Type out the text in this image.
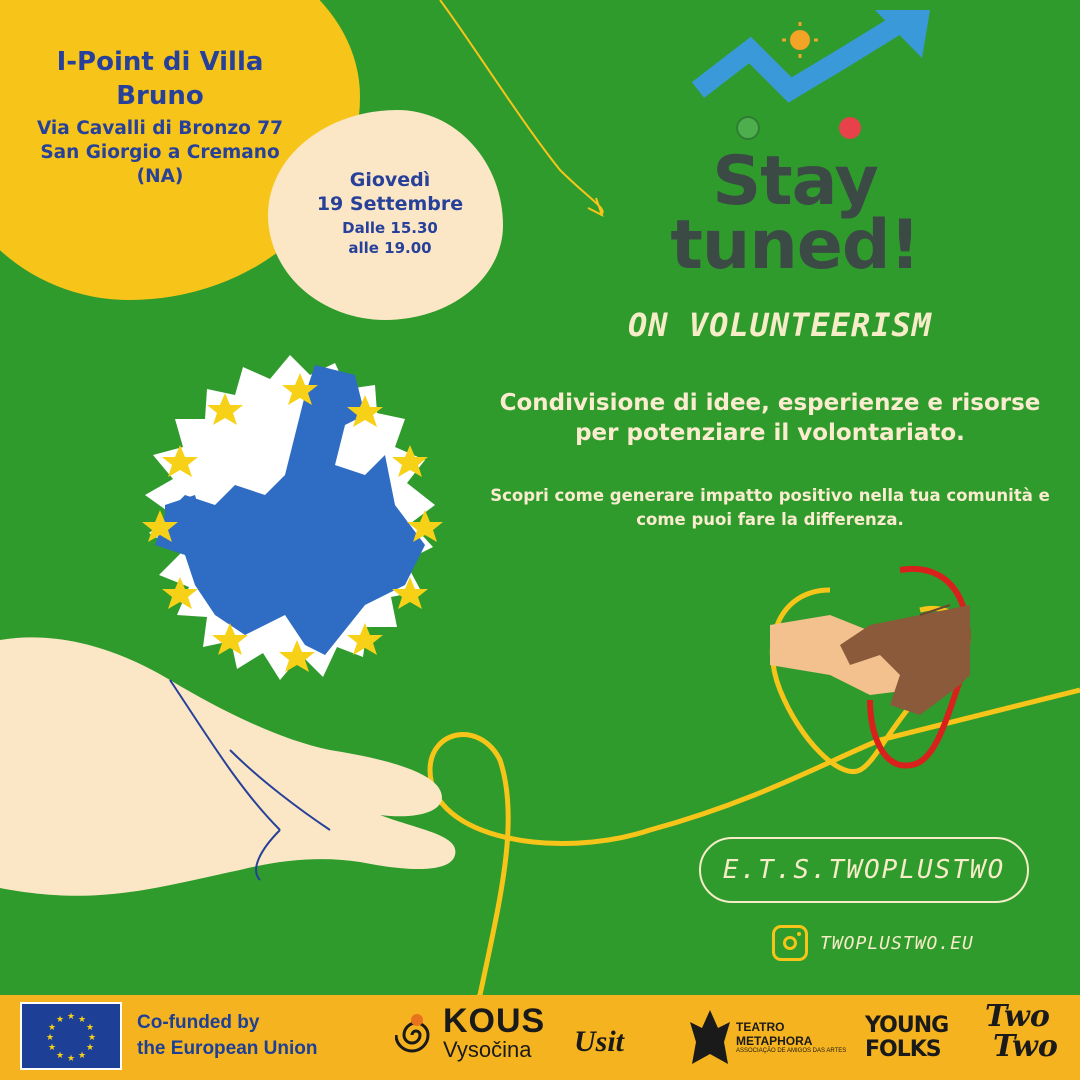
I-Point di Villa Bruno
Via Cavalli di Bronzo 77 San Giorgio a Cremano (NA)	Giovedì
19 Settembre
Dalle 15.30
alle 19.00
Stay
tuned!
ON VOLUNTEERISM
Condivisione di idee, esperienze e risorse per potenziare il volontariato.
Scopri come generare impatto positivo nella tua comunità e come puoi fare la differenza.
E.T.S.TWOPLUSTWO
TWOPLUSTWO.EU
★ ★
★
★
★
★
★
★
★
★
★
★	Co-funded by
the European Union
KOUS
Vysočina	Usit	TEATRO
METAPHORA
ASSOCIAÇÃO DE AMIGOS DAS ARTES
YOUNG
FOLKS
Two
Two
